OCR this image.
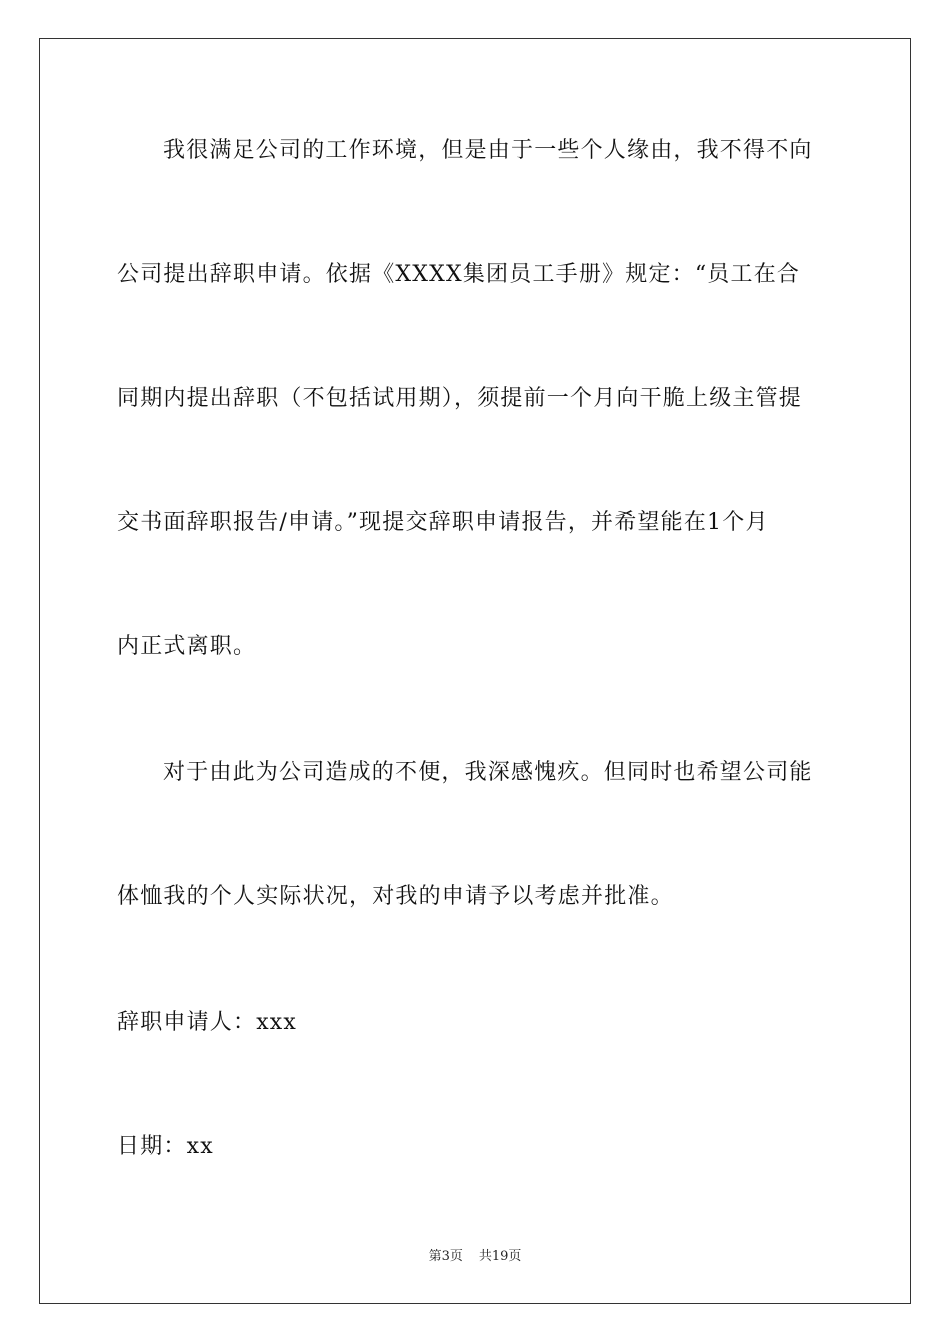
我很满足公司的工作环境，但是由于一些个人缘由，我不得不向
公司提出辞职申请。依据《XXXX集团员工手册》规定：“员工在合
同期内提出辞职（不包括试用期），须提前一个月向干脆上级主管提
交书面辞职报告/申请。”现提交辞职申请报告，并希望能在1个月
内正式离职。
对于由此为公司造成的不便，我深感愧疚。但同时也希望公司能
体恤我的个人实际状况，对我的申请予以考虑并批准。
辞职申请人：xxx
日期：xx
第3页 共19页
